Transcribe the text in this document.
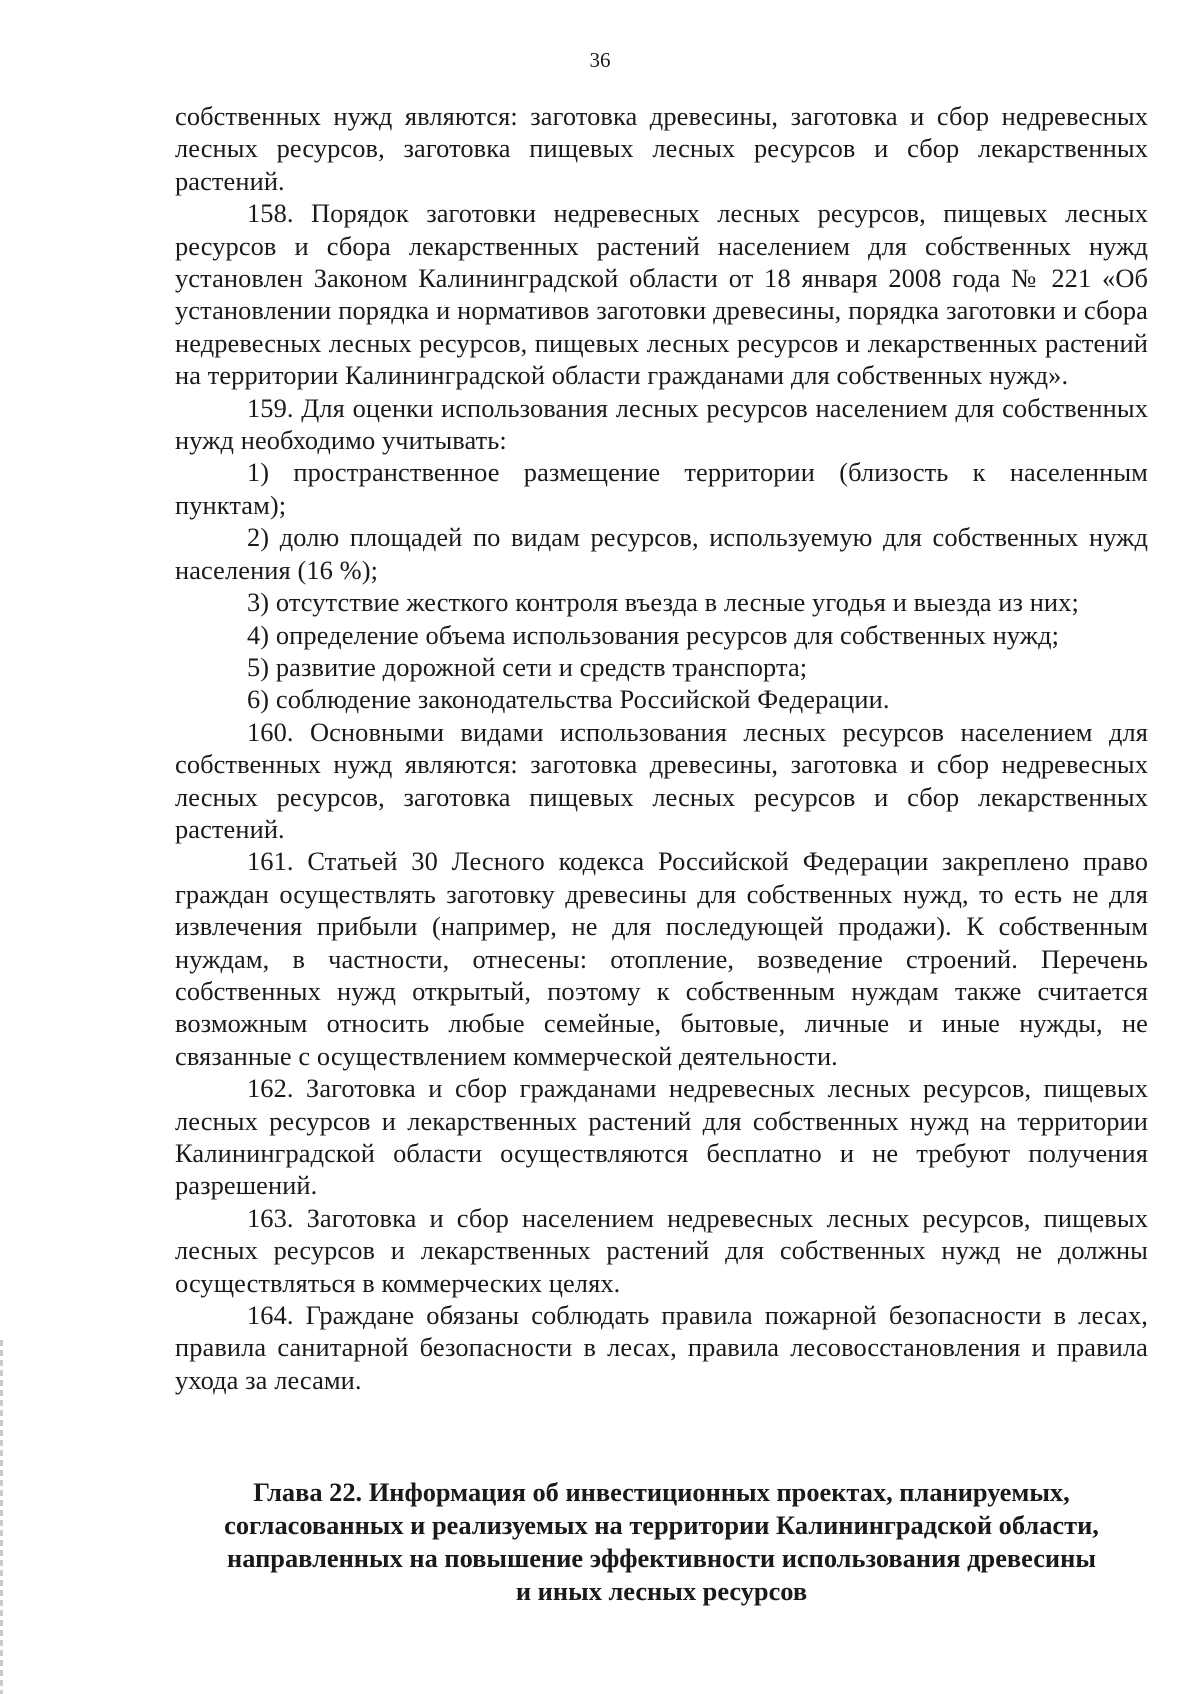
36

собственных нужд являются: заготовка древесины, заготовка и сбор недревесных лесных ресурсов, заготовка пищевых лесных ресурсов и сбор лекарственных растений.

158. Порядок заготовки недревесных лесных ресурсов, пищевых лесных ресурсов и сбора лекарственных растений населением для собственных нужд установлен Законом Калининградской области от 18 января 2008 года № 221 «Об установлении порядка и нормативов заготовки древесины, порядка заготовки и сбора недревесных лесных ресурсов, пищевых лесных ресурсов и лекарственных растений на территории Калининградской области гражданами для собственных нужд».

159. Для оценки использования лесных ресурсов населением для собственных нужд необходимо учитывать:

1) пространственное размещение территории (близость к населенным пунктам);

2) долю площадей по видам ресурсов, используемую для собственных нужд населения (16 %);

3) отсутствие жесткого контроля въезда в лесные угодья и выезда из них;

4) определение объема использования ресурсов для собственных нужд;

5) развитие дорожной сети и средств транспорта;

6) соблюдение законодательства Российской Федерации.

160. Основными видами использования лесных ресурсов населением для собственных нужд являются: заготовка древесины, заготовка и сбор недревесных лесных ресурсов, заготовка пищевых лесных ресурсов и сбор лекарственных растений.

161. Статьей 30 Лесного кодекса Российской Федерации закреплено право граждан осуществлять заготовку древесины для собственных нужд, то есть не для извлечения прибыли (например, не для последующей продажи). К собственным нуждам, в частности, отнесены: отопление, возведение строений. Перечень собственных нужд открытый, поэтому к собственным нуждам также считается возможным относить любые семейные, бытовые, личные и иные нужды, не связанные с осуществлением коммерческой деятельности.

162. Заготовка и сбор гражданами недревесных лесных ресурсов, пищевых лесных ресурсов и лекарственных растений для собственных нужд на территории Калининградской области осуществляются бесплатно и не требуют получения разрешений.

163. Заготовка и сбор населением недревесных лесных ресурсов, пищевых лесных ресурсов и лекарственных растений для собственных нужд не должны осуществляться в коммерческих целях.

164. Граждане обязаны соблюдать правила пожарной безопасности в лесах, правила санитарной безопасности в лесах, правила лесовосстановления и правила ухода за лесами.

Глава 22. Информация об инвестиционных проектах, планируемых,
согласованных и реализуемых на территории Калининградской области,
направленных на повышение эффективности использования древесины
и иных лесных ресурсов
